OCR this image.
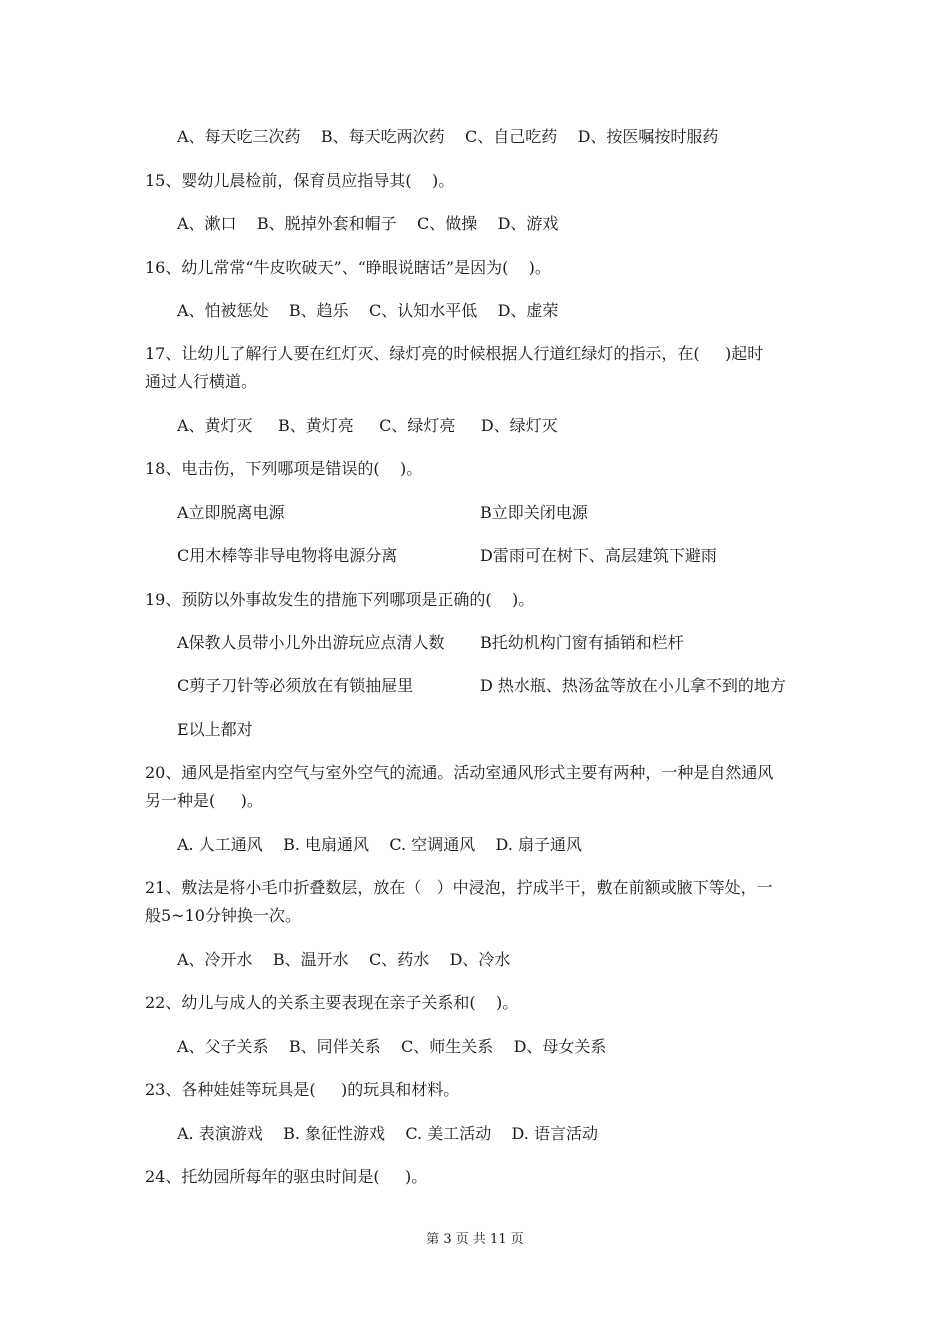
A、每天吃三次药    B、每天吃两次药    C、自己吃药    D、按医嘱按时服药
15、婴幼儿晨检前，保育员应指导其(    )。
A、漱口    B、脱掉外套和帽子    C、做操    D、游戏
16、幼儿常常“牛皮吹破天”、“睁眼说瞎话”是因为(    )。
A、怕被惩处    B、趋乐    C、认知水平低    D、虚荣
17、让幼儿了解行人要在红灯灭、绿灯亮的时候根据人行道红绿灯的指示，在(     )起时
通过人行横道。
A、黄灯灭     B、黄灯亮     C、绿灯亮     D、绿灯灭
18、电击伤，下列哪项是错误的(    )。
A立即脱离电源	B立即关闭电源
C用木棒等非导电物将电源分离	D雷雨可在树下、高层建筑下避雨
19、预防以外事故发生的措施下列哪项是正确的(    )。
A保教人员带小儿外出游玩应点清人数 B托幼机构门窗有插销和栏杆
C剪子刀针等必须放在有锁抽屉里	D 热水瓶、热汤盆等放在小儿拿不到的地方
E以上都对
20、通风是指室内空气与室外空气的流通。活动室通风形式主要有两种，一种是自然通风
另一种是(     )。
A. 人工通风    B. 电扇通风    C. 空调通风    D. 扇子通风
21、敷法是将小毛巾折叠数层，放在（   ）中浸泡，拧成半干，敷在前额或腋下等处，一
般5~10分钟换一次。
A、冷开水    B、温开水    C、药水    D、冷水
22、幼儿与成人的关系主要表现在亲子关系和(    )。
A、父子关系    B、同伴关系    C、师生关系    D、母女关系
23、各种娃娃等玩具是(     )的玩具和材料。
A. 表演游戏    B. 象征性游戏    C. 美工活动    D. 语言活动
24、托幼园所每年的驱虫时间是(     )。
第 3 页 共 11 页
